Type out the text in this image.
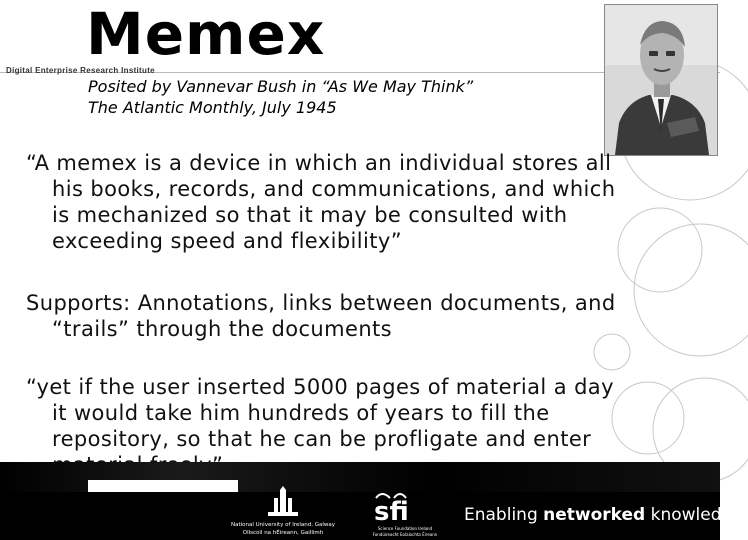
Memex
Digital Enterprise Research Institute
Posited by Vannevar Bush in “As We May Think”
The Atlantic Monthly, July 1945
“A memex is a device in which an individual stores all
his books, records, and communications, and which
is mechanized so that it may be consulted with
exceeding speed and flexibility”
Supports: Annotations, links between documents, and
“trails” through the documents
“yet if the user inserted 5000 pages of material a day
it would take him hundreds of years to fill the
repository, so that he can be profligate and enter
National University of Ireland, Galway
Ollscoil na hÉireann, Gaillimh
sfi
Science Foundation Ireland
Fondúireacht Eolaíochta Éireann
Enabling networked knowledge.
